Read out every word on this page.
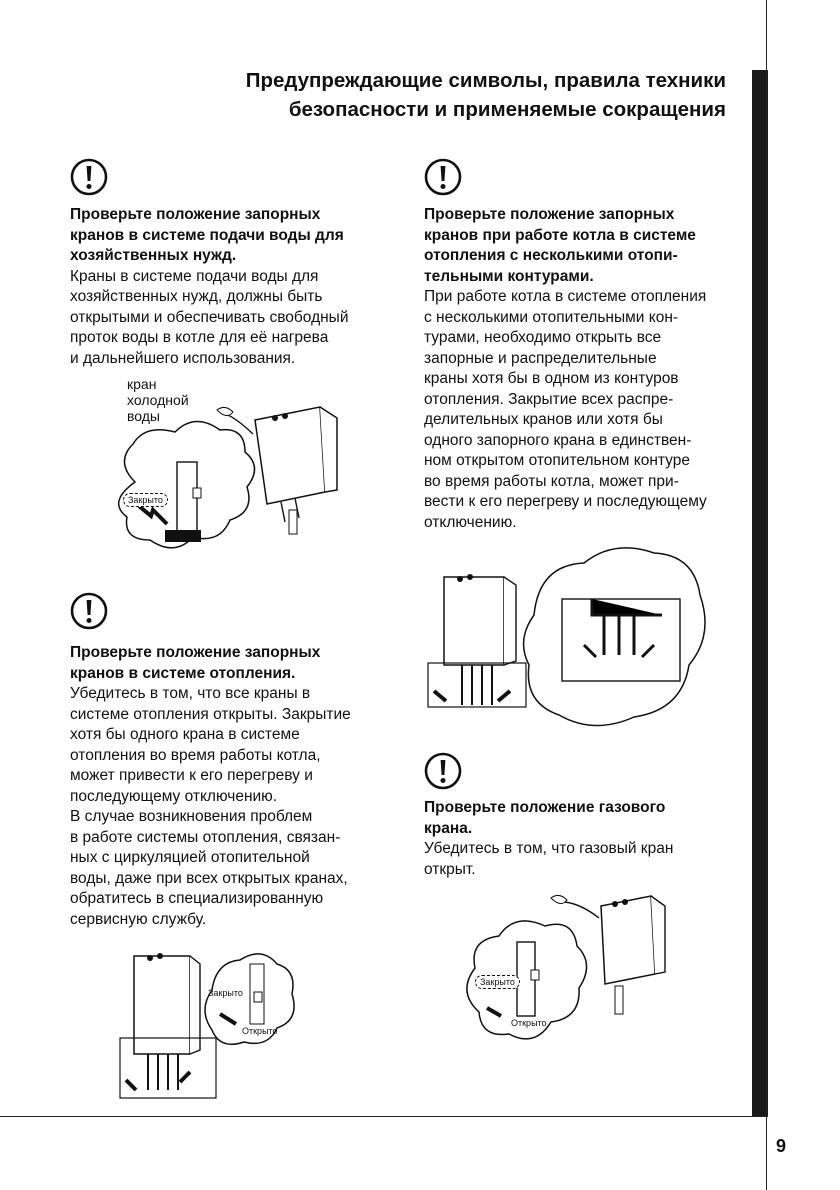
9
Предупреждающие символы, правила техники
безопасности и применяемые сокращения
Проверьте положение запорных
кранов в системе подачи воды для
хозяйственных нужд.
Краны в системе подачи воды для
хозяйственных нужд, должны быть
открытыми и обеспечивать свободный
проток воды в котле для её нагрева
и дальнейшего использования.
кран
холодной
воды
Закрыто
Проверьте положение запорных
кранов в системе отопления.
Убедитесь в том, что все краны в
системе отопления открыты. Закрытие
хотя бы одного крана в системе
отопления во время работы котла,
может привести к его перегреву и
последующему отключению.
В случае возникновения проблем
в работе системы отопления, связан-
ных с циркуляцией отопительной
воды, даже при всех открытых кранах,
обратитесь в специализированную
сервисную службу.
Закрыто
Открыто
Проверьте положение запорных
кранов при работе котла в системе
отопления с несколькими отопи-
тельными контурами.
При работе котла в системе отопления
с несколькими отопительными кон-
турами, необходимо открыть все
запорные и распределительные
краны хотя бы в одном из контуров
отопления. Закрытие всех распре-
делительных кранов или хотя бы
одного запорного крана в единствен-
ном открытом отопительном контуре
во время работы котла, может при-
вести к его перегреву и последующему
отключению.
Проверьте положение газового
крана.
Убедитесь в том, что газовый кран
открыт.
Закрыто
Открыто
